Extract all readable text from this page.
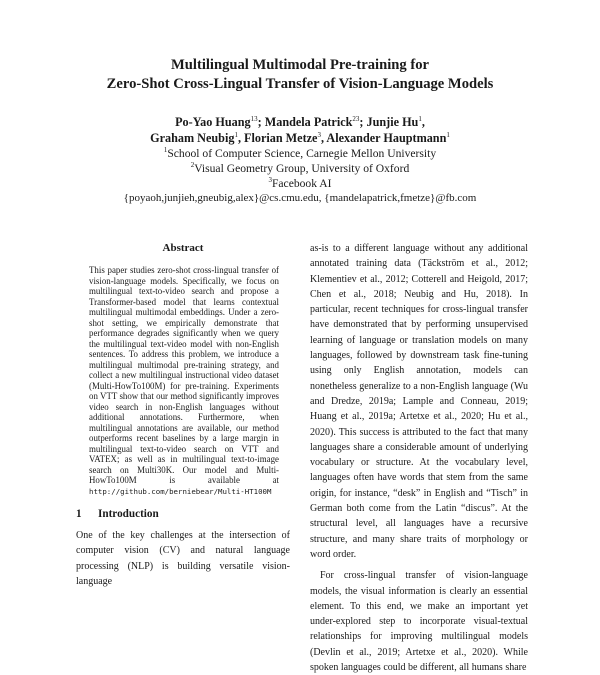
Multilingual Multimodal Pre-training for
Zero-Shot Cross-Lingual Transfer of Vision-Language Models

Po-Yao Huang$^{13}$; Mandela Patrick$^{23}$; Junjie Hu$^1$,
Graham Neubig$^1$, Florian Metze$^3$, Alexander Hauptmann$^1$
$^1$School of Computer Science, Carnegie Mellon University
$^2$Visual Geometry Group, University of Oxford
$^3$Facebook AI
{poyaoh,junjieh,gneubig,alex}@cs.cmu.edu, {mandelapatrick,fmetze}@fb.com

Abstract

This paper studies zero-shot cross-lingual transfer of vision-language models. Specifically, we focus on multilingual text-to-video search and propose a Transformer-based model that learns contextual multilingual multimodal embeddings. Under a zero-shot setting, we empirically demonstrate that performance degrades significantly when we query the multilingual text-video model with non-English sentences. To address this problem, we introduce a multilingual multimodal pre-training strategy, and collect a new multilingual instructional video dataset (Multi-HowTo100M) for pre-training. Experiments on VTT show that our method significantly improves video search in non-English languages without additional annotations. Furthermore, when multilingual annotations are available, our method outperforms recent baselines by a large margin in multilingual text-to-video search on VTT and VATEX; as well as in multilingual text-to-image search on Multi30K. Our model and Multi-HowTo100M is available at http://github.com/berniebear/Multi-HT100M

1 Introduction

One of the key challenges at the intersection of computer vision (CV) and natural language processing (NLP) is building versatile vision-language

as-is to a different language without any additional annotated training data (Täckström et al., 2012; Klementiev et al., 2012; Cotterell and Heigold, 2017; Chen et al., 2018; Neubig and Hu, 2018). In particular, recent techniques for cross-lingual transfer have demonstrated that by performing unsupervised learning of language or translation models on many languages, followed by downstream task fine-tuning using only English annotation, models can nonetheless generalize to a non-English language (Wu and Dredze, 2019a; Lample and Conneau, 2019; Huang et al., 2019a; Artetxe et al., 2020; Hu et al., 2020). This success is attributed to the fact that many languages share a considerable amount of underlying vocabulary or structure. At the vocabulary level, languages often have words that stem from the same origin, for instance, “desk” in English and “Tisch” in German both come from the Latin “discus”. At the structural level, all languages have a recursive structure, and many share traits of morphology or word order.

For cross-lingual transfer of vision-language models, the visual information is clearly an essential element. To this end, we make an important yet under-explored step to incorporate visual-textual relationships for improving multilingual models (Devlin et al., 2019; Artetxe et al., 2020). While spoken languages could be different, all humans share
